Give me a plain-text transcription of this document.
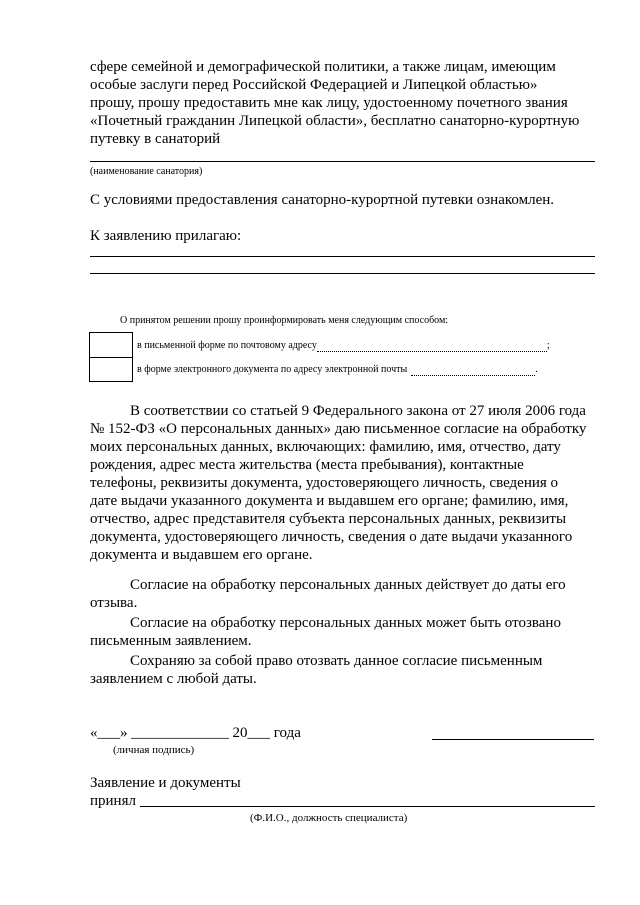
сфере семейной и демографической политики, а также лицам, имеющим
особые заслуги перед Российской Федерацией и Липецкой областью»
прошу, прошу предоставить мне как лицу, удостоенному почетного звания
«Почетный гражданин Липецкой области», бесплатно санаторно-курортную
путевку в санаторий
(наименование санатория)
С условиями предоставления санаторно-курортной путевки ознакомлен.
К заявлению прилагаю:
О принятом решении прошу проинформировать меня следующим способом:
в письменной форме по почтовому адресу	;
в форме электронного документа по адресу электронной почты	.
В соответствии со статьей 9 Федерального закона от 27 июля 2006 года
№ 152-ФЗ «О персональных данных» даю письменное согласие на обработку
моих персональных данных, включающих: фамилию, имя, отчество, дату
рождения, адрес места жительства (места пребывания), контактные
телефоны, реквизиты документа, удостоверяющего личность, сведения о
дате выдачи указанного документа и выдавшем его органе; фамилию, имя,
отчество, адрес представителя субъекта персональных данных, реквизиты
документа, удостоверяющего личность, сведения о дате выдачи указанного
документа и выдавшем его органе.
Согласие на обработку персональных данных действует до даты его
отзыва.
Согласие на обработку персональных данных может быть отозвано
письменным заявлением.
Сохраняю за собой право отозвать данное согласие письменным
заявлением с любой даты.
«___» _____________ 20___ года
(личная подпись)
Заявление и документы
принял
(Ф.И.О., должность специалиста)
